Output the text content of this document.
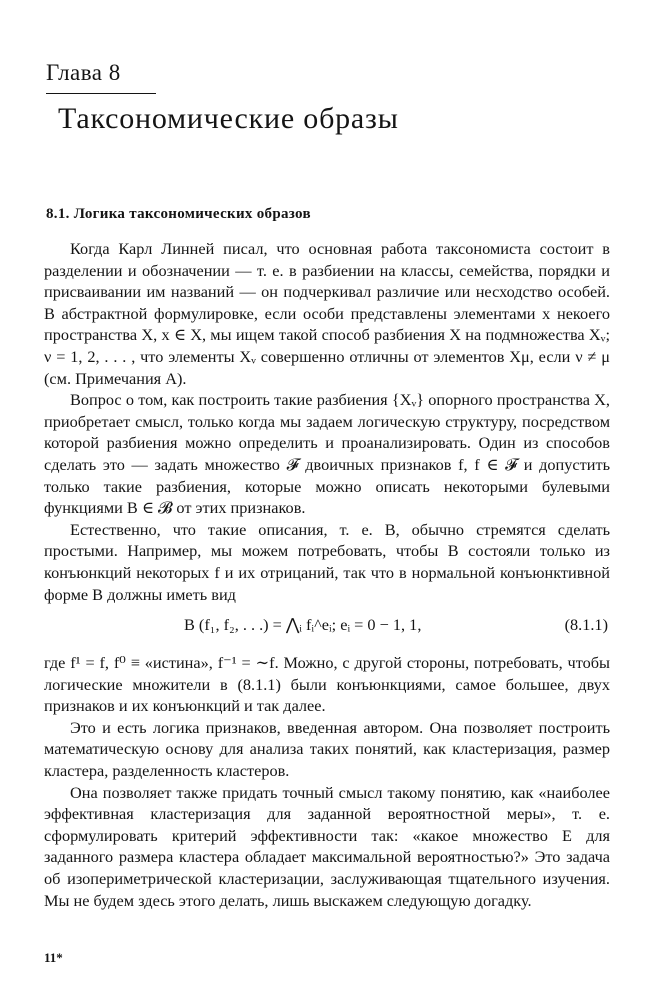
Глава 8
Таксономические образы
8.1. Логика таксономических образов

Когда Карл Линней писал, что основная работа таксономиста состоит в разделении и обозначении — т. е. в разбиении на классы, семейства, порядки и присваивании им названий — он подчеркивал различие или несходство особей. В абстрактной формулировке, если особи представлены элементами x некоего пространства X, x ∈ X, мы ищем такой способ разбиения X на подмножества Xᵥ; ν = 1, 2, . . . , что элементы Xᵥ совершенно отличны от элементов Xμ, если ν ≠ μ (см. Примечания А).

Вопрос о том, как построить такие разбиения {Xᵥ} опорного пространства X, приобретает смысл, только когда мы задаем логическую структуру, посредством которой разбиения можно определить и проанализировать. Один из способов сделать это — задать множество 𝓕 двоичных признаков f, f ∈ 𝓕 и допустить только такие разбиения, которые можно описать некоторыми булевыми функциями B ∈ 𝓑 от этих признаков.

Естественно, что такие описания, т. е. B, обычно стремятся сделать простыми. Например, мы можем потребовать, чтобы B состояли только из конъюнкций некоторых f и их отрицаний, так что в нормальной конъюнктивной форме B должны иметь вид

B (f₁, f₂, . . .) = ⋀ᵢ fᵢ^eᵢ; eᵢ = 0 − 1, 1,	(8.1.1)

где f¹ = f, f⁰ ≡ «истина», f⁻¹ = ∼f. Можно, с другой стороны, потребовать, чтобы логические множители в (8.1.1) были конъюнкциями, самое большее, двух признаков и их конъюнкций и так далее.

Это и есть логика признаков, введенная автором. Она позволяет построить математическую основу для анализа таких понятий, как кластеризация, размер кластера, разделенность кластеров.

Она позволяет также придать точный смысл такому понятию, как «наиболее эффективная кластеризация для заданной вероятностной меры», т. е. сформулировать критерий эффективности так: «какое множество E для заданного размера кластера обладает максимальной вероятностью?» Это задача об изопериметрической кластеризации, заслуживающая тщательного изучения. Мы не будем здесь этого делать, лишь выскажем следующую догадку.

11*
